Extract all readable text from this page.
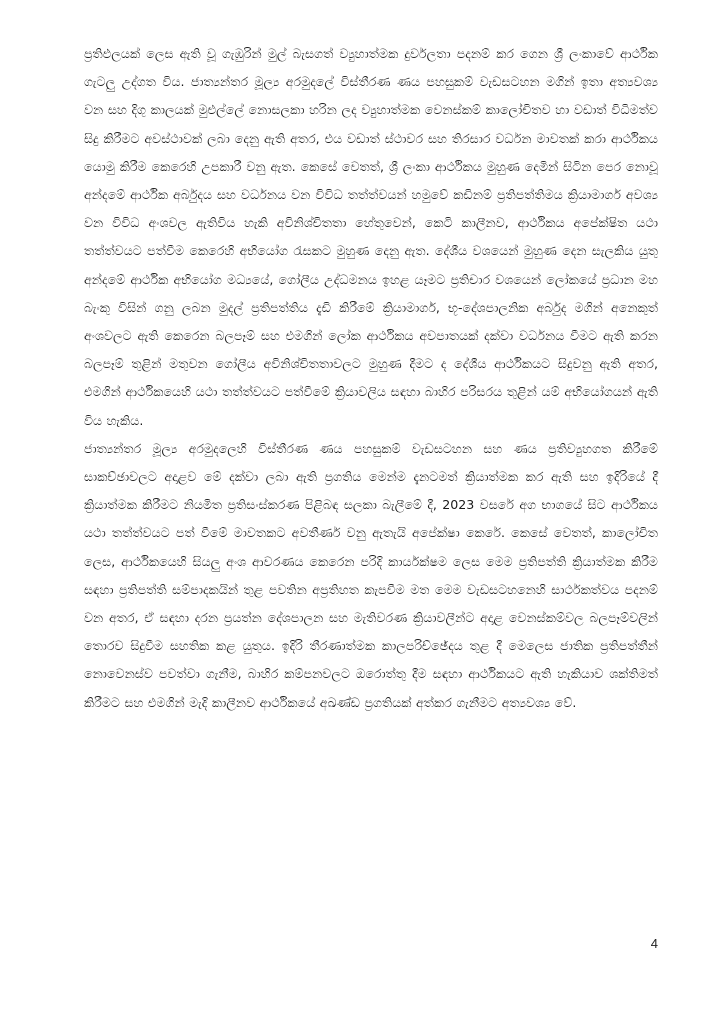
ප්‍රතිඵලයක් ලෙස ඇති වූ ගැඹුරින් මුල් බැසගත් ව්‍යුහාත්මක දුර්වලතා පදනම් කර ගෙන ශ්‍රී ලංකාවේ ආර්ථික ගැටලු උද්ගත විය. ජාත්‍යන්තර මූල්‍ය අරමුදලේ විස්තීරණ ණය පහසුකම් වැඩසටහන මගින් ඉතා අත්‍යවශ්‍ය වන සහ දිගු කාලයක් මුළුල්ලේ නොසලකා හරින ලද ව්‍යුහාත්මක වෙනස්කම් කාලෝචිතව හා වඩාත් විධිමත්ව සිදු කිරීමට අවස්ථාවක් ලබා දෙනු ඇති අතර, එය වඩාත් ස්ථාවර සහ තිරසාර වර්ධන මාවතක් කරා ආර්ථිකය යොමු කිරීම කෙරෙහි උපකාරී වනු ඇත. කෙසේ වෙතත්, ශ්‍රී ලංකා ආර්ථිකය මුහුණ දෙමින් සිටින පෙර නොවූ අන්දමේ ආර්ථික අර්බුදය සහ වර්ධනය වන විවිධ තත්ත්වයන් හමුවේ කඩිනම් ප්‍රතිපත්තිමය ක්‍රියාමාර්ග අවශ්‍ය වන විවිධ අංශවල ඇතිවිය හැකි අවිනිශ්චිතතා හේතුවෙන්, කෙටි කාලීනව, ආර්ථිකය අපේක්ෂිත යථා තත්ත්වයට පත්වීම කෙරෙහි අභියෝග රැසකට මුහුණ දෙනු ඇත. දේශීය වශයෙන් මුහුණ දෙන සැලකිය යුතු අන්දමේ ආර්ථික අභියෝග මධ්‍යයේ, ගෝලීය උද්ධමනය ඉහළ යෑමට ප්‍රතිචාර වශයෙන් ලෝකයේ ප්‍රධාන මහ බැංකු විසින් ගනු ලබන මුදල් ප්‍රතිපත්තිය දැඩි කිරීමේ ක්‍රියාමාර්ග, භූ-දේශපාලනික අර්බුද මගින් අනෙකුත් අංශවලට ඇති කෙරෙන බලපෑම් සහ එමගින් ලෝක ආර්ථිකය අවපාතයක් දක්වා වර්ධනය වීමට ඇති කරන බලපෑම් තුළින් මතුවන ගෝලීය අවිනිශ්චිතතාවලට මුහුණ දීමට ද දේශීය ආර්ථිකයට සිදුවනු ඇති අතර, එමගින් ආර්ථිකයෙහි යථා තත්ත්වයට පත්වීමේ ක්‍රියාවලිය සඳහා බාහිර පරිසරය තුළින් යම් අභියෝගයන් ඇති විය හැකිය.

ජාත්‍යන්තර මූල්‍ය අරමුදලෙහි විස්තීරණ ණය පහසුකම් වැඩසටහන සහ ණය ප්‍රතිව්‍යුහගත කිරීමේ සාකච්ඡාවලට අදාළව මේ දක්වා ලබා ඇති ප්‍රගතිය මෙන්ම දැනටමත් ක්‍රියාත්මක කර ඇති සහ ඉදිරියේ දී ක්‍රියාත්මක කිරීමට නියමිත ප්‍රතිසංස්කරණ පිළිබඳ සලකා බැලීමේ දී, 2023 වසරේ අග භාගයේ සිට ආර්ථිකය යථා තත්ත්වයට පත් වීමේ මාවතකට අවතීර්ණ වනු ඇතැයි අපේක්ෂා කෙරේ. කෙසේ වෙතත්, කාලෝචිත ලෙස, ආර්ථිකයෙහි සියලු අංශ ආවරණය කෙරෙන පරිදි කාර්යක්ෂම ලෙස මෙම ප්‍රතිපත්ති ක්‍රියාත්මක කිරීම සඳහා ප්‍රතිපත්ති සම්පාදකයින් තුළ පවතින අප්‍රතිහත කැපවීම මත මෙම වැඩසටහනෙහි සාර්ථකත්වය පදනම් වන අතර, ඒ සඳහා දරන ප්‍රයත්න දේශපාලන සහ මැතිවරණ ක්‍රියාවලීන්ට අදාළ වෙනස්කම්වල බලපෑම්වලින් තොරව සිදුවීම සහතික කළ යුතුය. ඉදිරි තීරණාත්මක කාලපරිච්ඡේදය තුළ දී මෙලෙස ජාතික ප්‍රතිපත්තීන් නොවෙනස්ව පවත්වා ගැනීම, බාහිර කම්පනවලට ඔරොත්තු දීම සඳහා ආර්ථිකයට ඇති හැකියාව ශක්තිමත් කිරීමට සහ එමගින් මැදි කාලීනව ආර්ථිකයේ අඛණ්ඩ ප්‍රගතියක් අත්කර ගැනීමට අත්‍යවශ්‍ය වේ.

4
